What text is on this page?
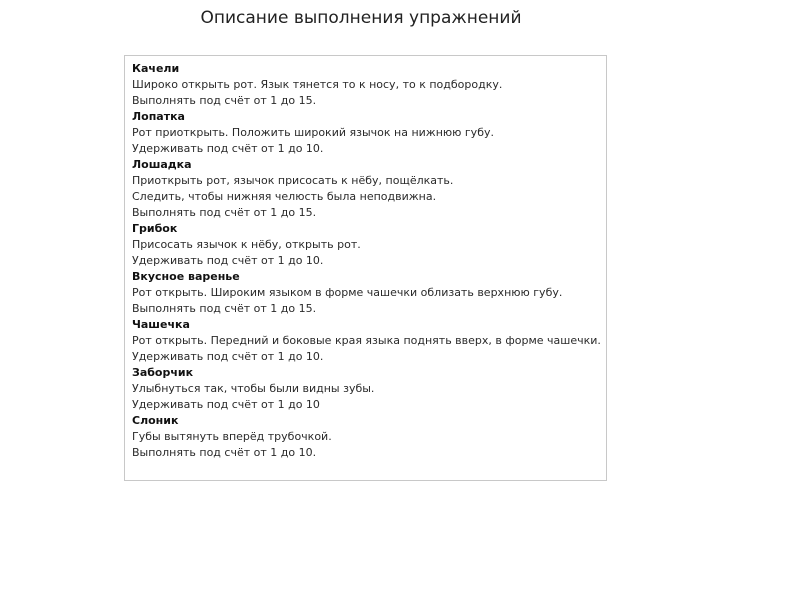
Описание выполнения упражнений
Качели
Широко открыть рот. Язык тянется то к носу, то к подбородку.
Выполнять под счёт от 1 до 15.
Лопатка
Рот приоткрыть. Положить широкий язычок на нижнюю губу.
Удерживать под счёт от 1 до 10.
Лошадка
Приоткрыть рот, язычок присосать к нёбу, пощёлкать.
Следить, чтобы нижняя челюсть была неподвижна.
Выполнять под счёт от 1 до 15.
Грибок
Присосать язычок к нёбу, открыть рот.
Удерживать под счёт от 1 до 10.
Вкусное варенье
Рот открыть. Широким языком в форме чашечки облизать верхнюю губу.
Выполнять под счёт от 1 до 15.
Чашечка
Рот открыть. Передний и боковые края языка поднять вверх, в форме чашечки.
Удерживать под счёт от 1 до 10.
Заборчик
Улыбнуться так, чтобы были видны зубы.
Удерживать под счёт от 1 до 10
Слоник
Губы вытянуть вперёд трубочкой.
Выполнять под счёт от 1 до 10.
